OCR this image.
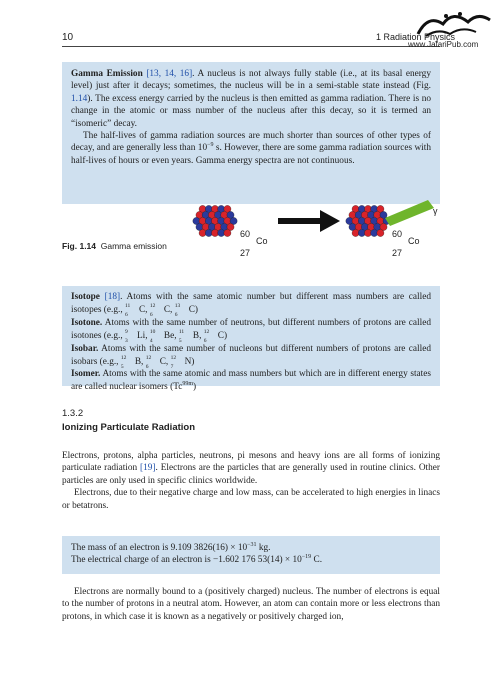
10	1 Radiation Physics
www.JafariPub.com

Gamma Emission [13, 14, 16]. A nucleus is not always fully stable (i.e., at its basal energy level) just after it decays; sometimes, the nucleus will be in a semi-stable state instead (Fig. 1.14). The excess energy carried by the nucleus is then emitted as gamma radiation. There is no change in the atomic or mass number of the nucleus after this decay, so it is termed an “isomeric” decay.

The half-lives of gamma radiation sources are much shorter than sources of other types of decay, and are generally less than $10^{-9}$ s. However, there are some gamma radiation sources with half-lives of hours or even years. Gamma energy spectra are not continuous.

γ
60
Co
27
60
Co
27
Fig. 1.14 Gamma emission

Isotope [18]. Atoms with the same atomic number but different mass numbers are called isotopes (e.g., 11
6 C, 12
6 C, 13
6 C)

Isotone. Atoms with the same number of neutrons, but different numbers of protons are called isotones (e.g., 9
3 Li, 10
4 Be, 11
5 B, 12
6 C)

Isobar. Atoms with the same number of nucleons but different numbers of protons are called isobars (e.g., 12
5 B, 12
6 C, 12
7 N)

Isomer. Atoms with the same atomic and mass numbers but which are in different energy states are called nuclear isomers $(Tc^{99m})$

1.3.2
Ionizing Particulate Radiation

Electrons, protons, alpha particles, neutrons, pi mesons and heavy ions are all forms of ionizing particulate radiation [19]. Electrons are the particles that are generally used in routine clinics. Other particles are only used in specific clinics worldwide.

Electrons, due to their negative charge and low mass, can be accelerated to high energies in linacs or betatrons.

The mass of an electron is 9.109 $3826(16) \times 10^{-31}$ kg.

The electrical charge of an electron is −1.602 176 $53(14) \times 10^{-19}$ C.

Electrons are normally bound to a (positively charged) nucleus. The number of electrons is equal to the number of protons in a neutral atom. However, an atom can contain more or less electrons than protons, in which case it is known as a negatively or positively charged ion,
